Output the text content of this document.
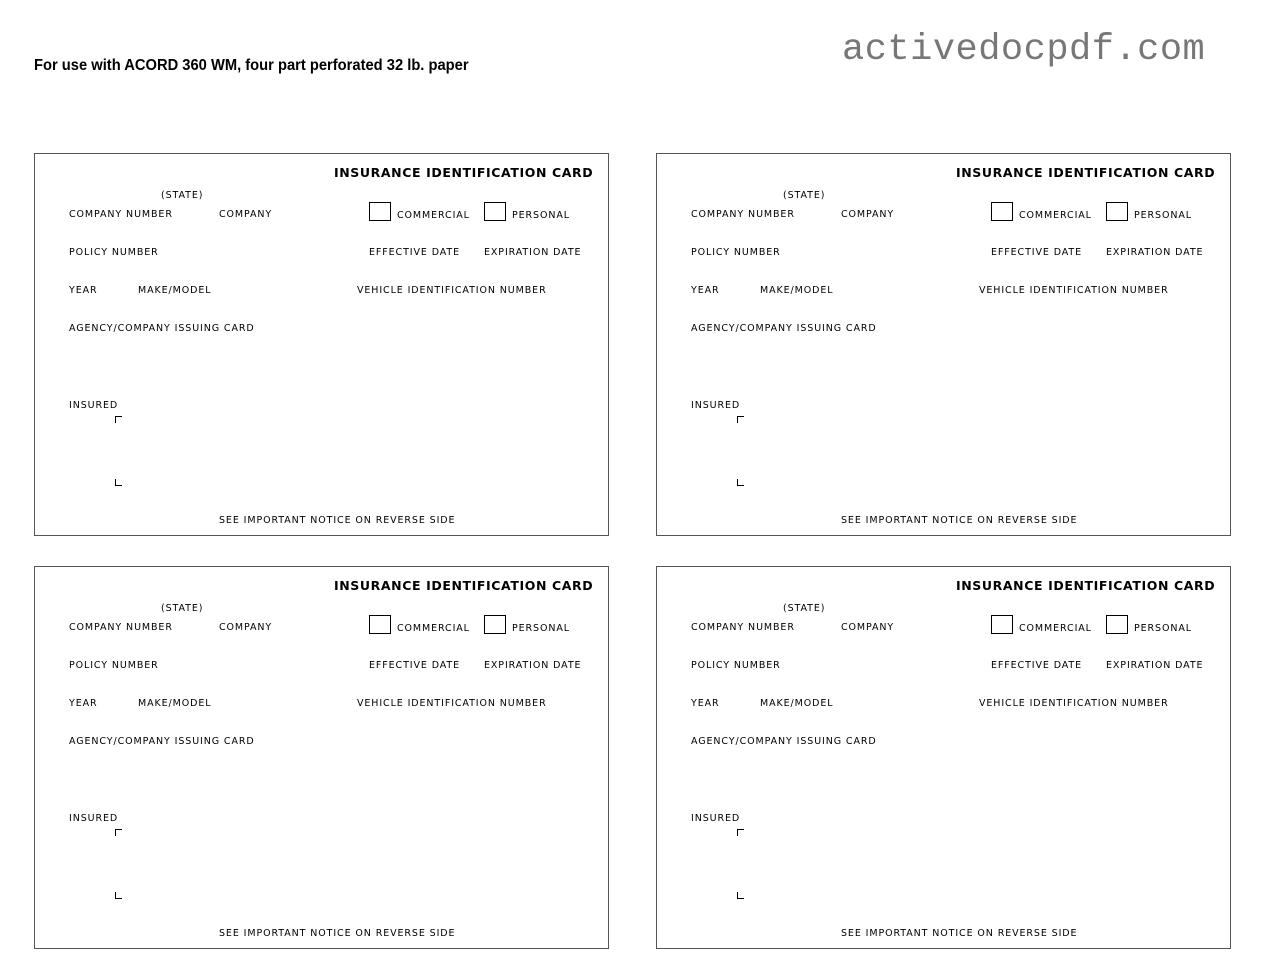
For use with ACORD 360 WM, four part perforated 32 lb. paper	activedocpdf.com
INSURANCE IDENTIFICATION CARD
(STATE)
COMPANY NUMBER	COMPANY	COMMERCIAL	PERSONAL
POLICY NUMBER	EFFECTIVE DATE	EXPIRATION DATE
YEAR	MAKE/MODEL	VEHICLE IDENTIFICATION NUMBER
AGENCY/COMPANY ISSUING CARD
INSURED
SEE IMPORTANT NOTICE ON REVERSE SIDE
INSURANCE IDENTIFICATION CARD
(STATE)
COMPANY NUMBER	COMPANY	COMMERCIAL	PERSONAL
POLICY NUMBER	EFFECTIVE DATE	EXPIRATION DATE
YEAR	MAKE/MODEL	VEHICLE IDENTIFICATION NUMBER
AGENCY/COMPANY ISSUING CARD
INSURED
SEE IMPORTANT NOTICE ON REVERSE SIDE
INSURANCE IDENTIFICATION CARD
(STATE)
COMPANY NUMBER	COMPANY	COMMERCIAL	PERSONAL
POLICY NUMBER	EFFECTIVE DATE	EXPIRATION DATE
YEAR	MAKE/MODEL	VEHICLE IDENTIFICATION NUMBER
AGENCY/COMPANY ISSUING CARD
INSURED
SEE IMPORTANT NOTICE ON REVERSE SIDE
INSURANCE IDENTIFICATION CARD
(STATE)
COMPANY NUMBER	COMPANY	COMMERCIAL	PERSONAL
POLICY NUMBER	EFFECTIVE DATE	EXPIRATION DATE
YEAR	MAKE/MODEL	VEHICLE IDENTIFICATION NUMBER
AGENCY/COMPANY ISSUING CARD
INSURED
SEE IMPORTANT NOTICE ON REVERSE SIDE
